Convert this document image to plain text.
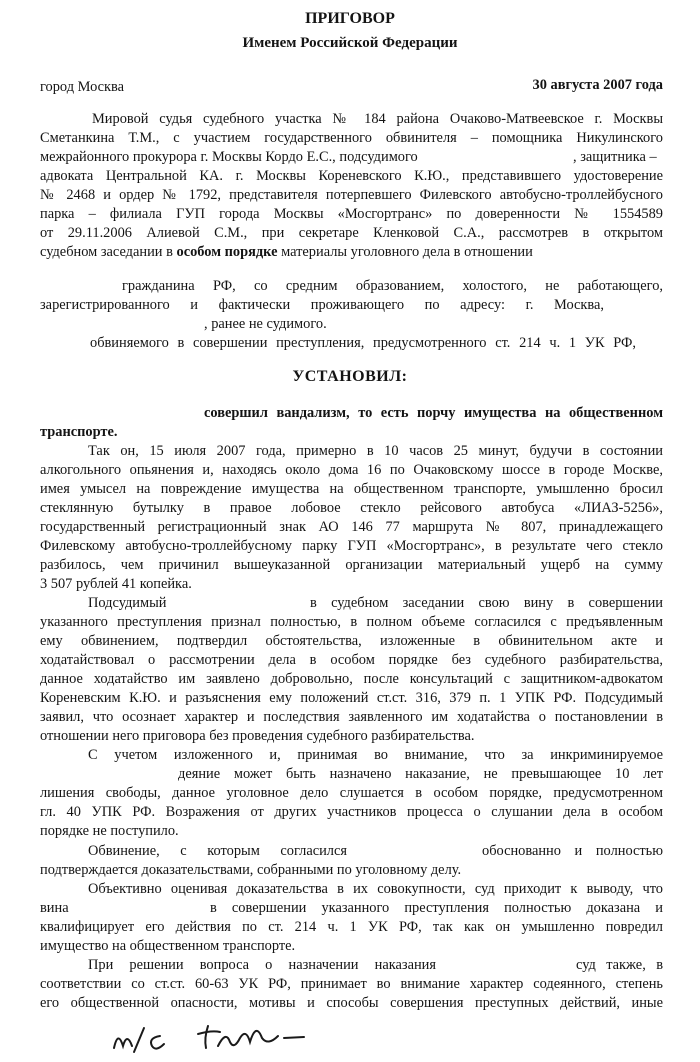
ПРИГОВОР
Именем Российской Федерации
город Москва	30 августа 2007 года
Мировой судья судебного участка № 184 района Очаково-Матвеевское г. Москвы
Сметанкина Т.М., с участием государственного обвинителя – помощника Никулинского
межрайонного прокурора г. Москвы Кордо Е.С., подсудимого	, защитника –
адвоката Центральной КА. г. Москвы Кореневского К.Ю., представившего удостоверение
№ 2468 и ордер № 1792, представителя потерпевшего Филевского автобусно-троллейбусного
парка – филиала ГУП города Москвы «Мосгортранс» по доверенности № 1554589
от 29.11.2006 Алиевой С.М., при секретаре Кленковой С.А., рассмотрев в открытом
судебном заседании в особом порядке материалы уголовного дела в отношении
гражданина РФ, со средним образованием, холостого, не работающего,
зарегистрированного и фактически проживающего по адресу: г. Москва,
, ранее не судимого.
обвиняемого в совершении преступления, предусмотренного ст. 214 ч. 1 УК РФ,
УСТАНОВИЛ:
совершил вандализм, то есть порчу имущества на общественном
транспорте.
Так он, 15 июля 2007 года, примерно в 10 часов 25 минут, будучи в состоянии
алкогольного опьянения и, находясь около дома 16 по Очаковскому шоссе в городе Москве,
имея умысел на повреждение имущества на общественном транспорте, умышленно бросил
стеклянную бутылку в правое лобовое стекло рейсового автобуса «ЛИАЗ-5256»,
государственный регистрационный знак АО 146 77 маршрута № 807, принадлежащего
Филевскому автобусно-троллейбусному парку ГУП «Мосгортранс», в результате чего стекло
разбилось, чем причинил вышеуказанной организации материальный ущерб на сумму
3 507 рублей 41 копейка.
Подсудимый	в судебном заседании свою вину в совершении
указанного преступления признал полностью, в полном объеме согласился с предъявленным
ему обвинением, подтвердил обстоятельства, изложенные в обвинительном акте и
ходатайствовал о рассмотрении дела в особом порядке без судебного разбирательства,
данное ходатайство им заявлено добровольно, после консультаций с защитником-адвокатом
Кореневским К.Ю. и разъяснения ему положений ст.ст. 316, 379 п. 1 УПК РФ. Подсудимый
заявил, что осознает характер и последствия заявленного им ходатайства о постановлении в
отношении него приговора без проведения судебного разбирательства.
С учетом изложенного и, принимая во внимание, что за инкриминируемое
деяние может быть назначено наказание, не превышающее 10 лет
лишения свободы, данное уголовное дело слушается в особом порядке, предусмотренном
гл. 40 УПК РФ. Возражения от других участников процесса о слушании дела в особом
порядке не поступило.
Обвинение, с которым согласился	обоснованно и полностью
подтверждается доказательствами, собранными по уголовному делу.
Объективно оценивая доказательства в их совокупности, суд приходит к выводу, что
вина	в совершении указанного преступления полностью доказана и
квалифицирует его действия по ст. 214 ч. 1 УК РФ, так как он умышленно повредил
имущество на общественном транспорте.
При решении вопроса о назначении наказания	суд также, в
соответствии со ст.ст. 60-63 УК РФ, принимает во внимание характер содеянного, степень
его общественной опасности, мотивы и способы совершения преступных действий, иные
